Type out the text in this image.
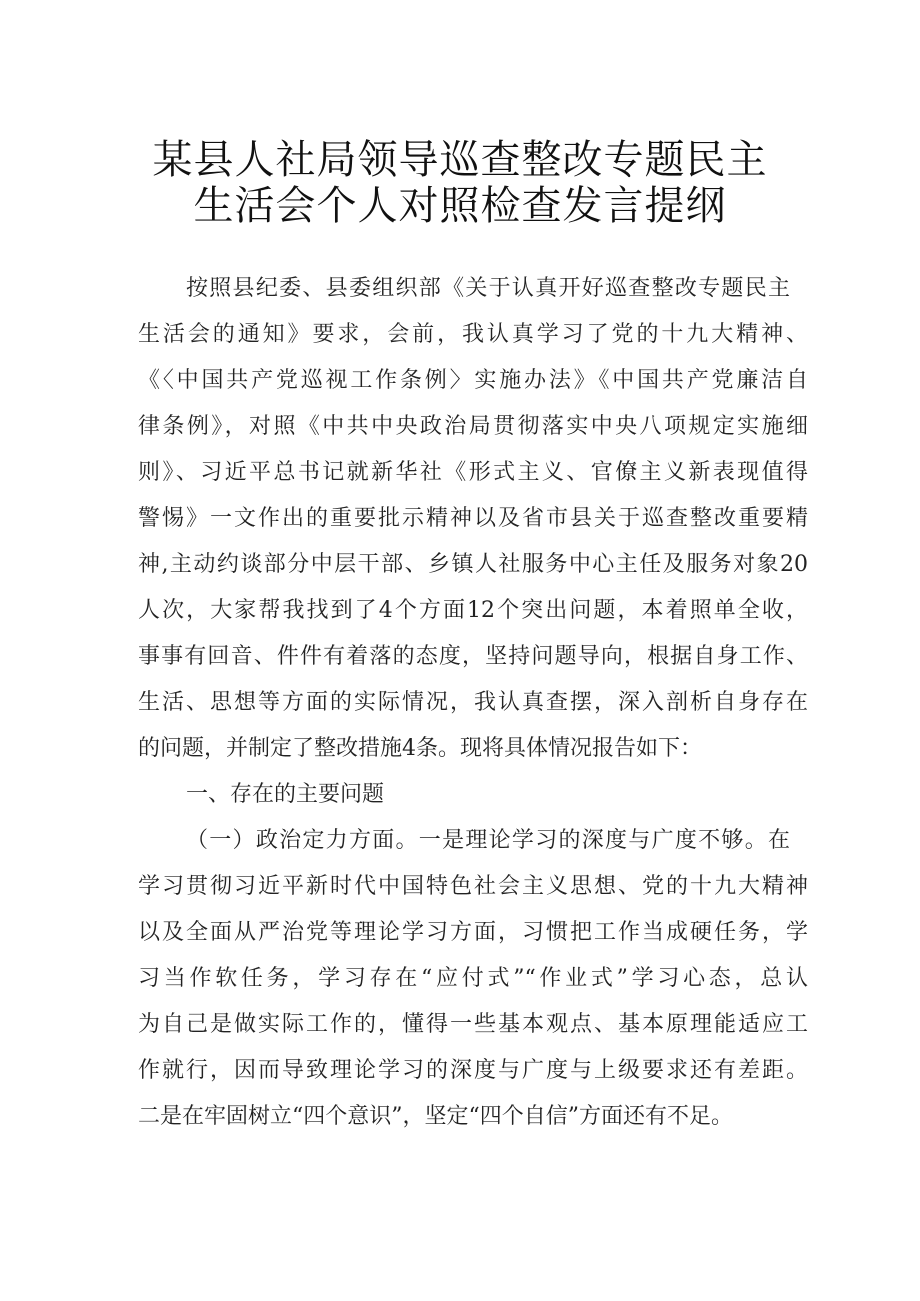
某县人社局领导巡查整改专题民主
生活会个人对照检查发言提纲
按照县纪委、县委组织部《关于认真开好巡查整改专题民主
生活会的通知》要求，会前，我认真学习了党的十九大精神、
《〈中国共产党巡视工作条例〉实施办法》《中国共产党廉洁自
律条例》，对照《中共中央政治局贯彻落实中央八项规定实施细
则》、习近平总书记就新华社《形式主义、官僚主义新表现值得
警惕》一文作出的重要批示精神以及省市县关于巡查整改重要精
神,主动约谈部分中层干部、乡镇人社服务中心主任及服务对象20
人次，大家帮我找到了4个方面12个突出问题，本着照单全收，
事事有回音、件件有着落的态度，坚持问题导向，根据自身工作、
生活、思想等方面的实际情况，我认真查摆，深入剖析自身存在
的问题，并制定了整改措施4条。现将具体情况报告如下：
一、存在的主要问题
（一）政治定力方面。一是理论学习的深度与广度不够。在
学习贯彻习近平新时代中国特色社会主义思想、党的十九大精神
以及全面从严治党等理论学习方面，习惯把工作当成硬任务，学
习当作软任务，学习存在“应付式”“作业式”学习心态，总认
为自己是做实际工作的，懂得一些基本观点、基本原理能适应工
作就行，因而导致理论学习的深度与广度与上级要求还有差距。
二是在牢固树立“四个意识”，坚定“四个自信”方面还有不足。
